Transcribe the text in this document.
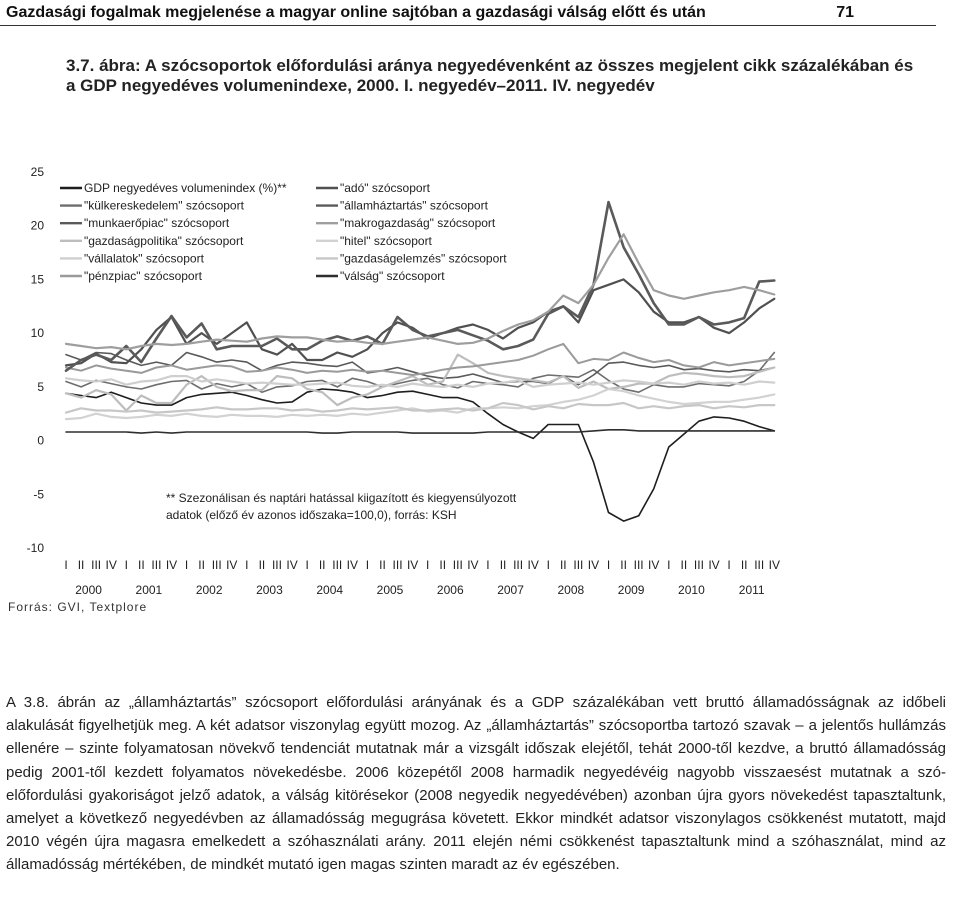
Gazdasági fogalmak megjelenése a magyar online sajtóban a gazdasági válság előtt és után	71
3.7. ábra: A szócsoportok előfordulási aránya negyedévenként az összes megjelent cikk százalékában és a GDP negyedéves volumenindexe, 2000. I. negyedév–2011. IV. negyedév
25
20
15
10
5
0
-5
-10
I II III IV I II III IV I II III IV I II III IV I II III IV I II III IV I II III IV I II III IV I II III IV I II III IV I II III IV I II III IV
2000	2001	2002	2003	2004	2005	2006	2007	2008	2009	2010	2011
GDP negyedéves volumenindex (%)**
"külkereskedelem" szócsoport
"munkaerőpiac" szócsoport
"gazdaságpolitika" szócsoport
"vállalatok" szócsoport
"pénzpiac" szócsoport
"adó" szócsoport
"államháztartás" szócsoport
"makrogazdaság" szócsoport
"hitel" szócsoport
"gazdaságelemzés" szócsoport
"válság" szócsoport
** Szezonálisan és naptári hatással kiigazított és kiegyensúlyozott
adatok (előző év azonos időszaka=100,0), forrás: KSH
Forrás: GVI, Textplore

A 3.8. ábrán az „államháztartás” szócsoport előfordulási arányának és a GDP százalékában vett bruttó államadósságnak az időbeli alakulását figyelhetjük meg. A két adatsor viszonylag együtt mozog. Az „államháztartás” szócsoportba tartozó szavak – a jelentős hullámzás ellenére – szinte folyamatosan növekvő tendenciát mutatnak már a vizsgált időszak elejétől, tehát 2000-től kezdve, a bruttó államadósság pedig 2001-től kezdett folyamatos növekedésbe. 2006 közepétől 2008 harmadik negyedévéig nagyobb visszaesést mutatnak a szó-előfordulási gyakoriságot jelző adatok, a válság kitörésekor (2008 negyedik negyedévében) azonban újra gyors növekedést tapasztaltunk, amelyet a következő negyedévben az államadósság megugrása követett. Ekkor mindkét adatsor viszonylagos csökkenést mutatott, majd 2010 végén újra magasra emelkedett a szóhasználati arány. 2011 elején némi csökkenést tapasztaltunk mind a szóhasználat, mind az államadósság mértékében, de mindkét mutató igen magas szinten maradt az év egészében.
